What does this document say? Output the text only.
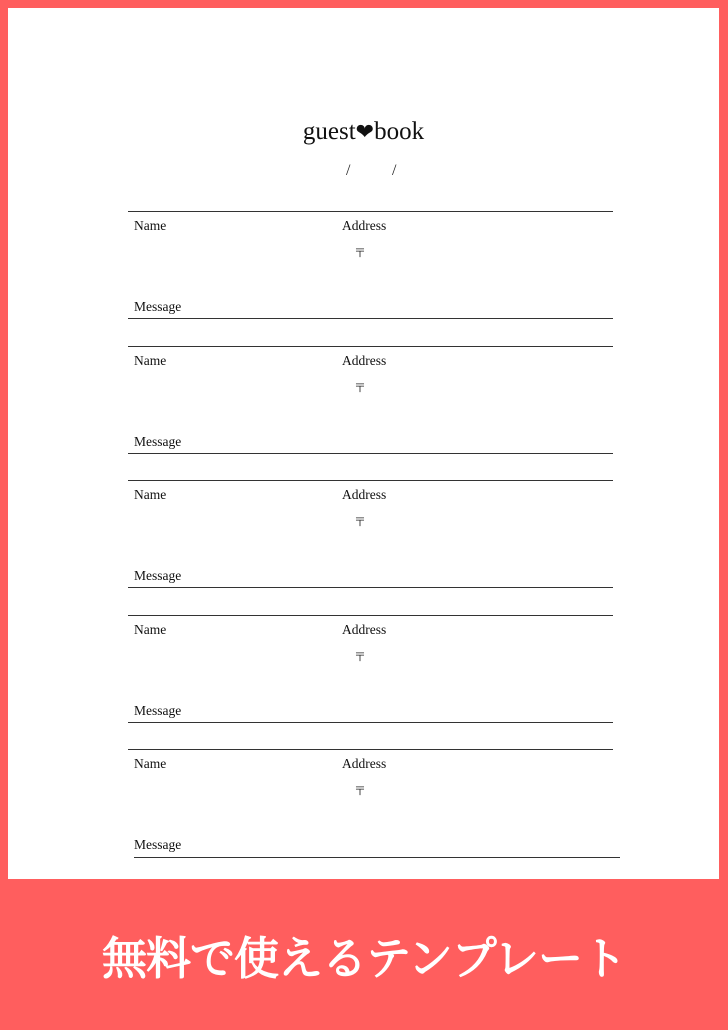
guest❤book
/	/
Name	Address
〒
Message
Name	Address
〒
Message
Name	Address
〒
Message
Name	Address
〒
Message
Name	Address
〒
Message
無料で使えるテンプレート
